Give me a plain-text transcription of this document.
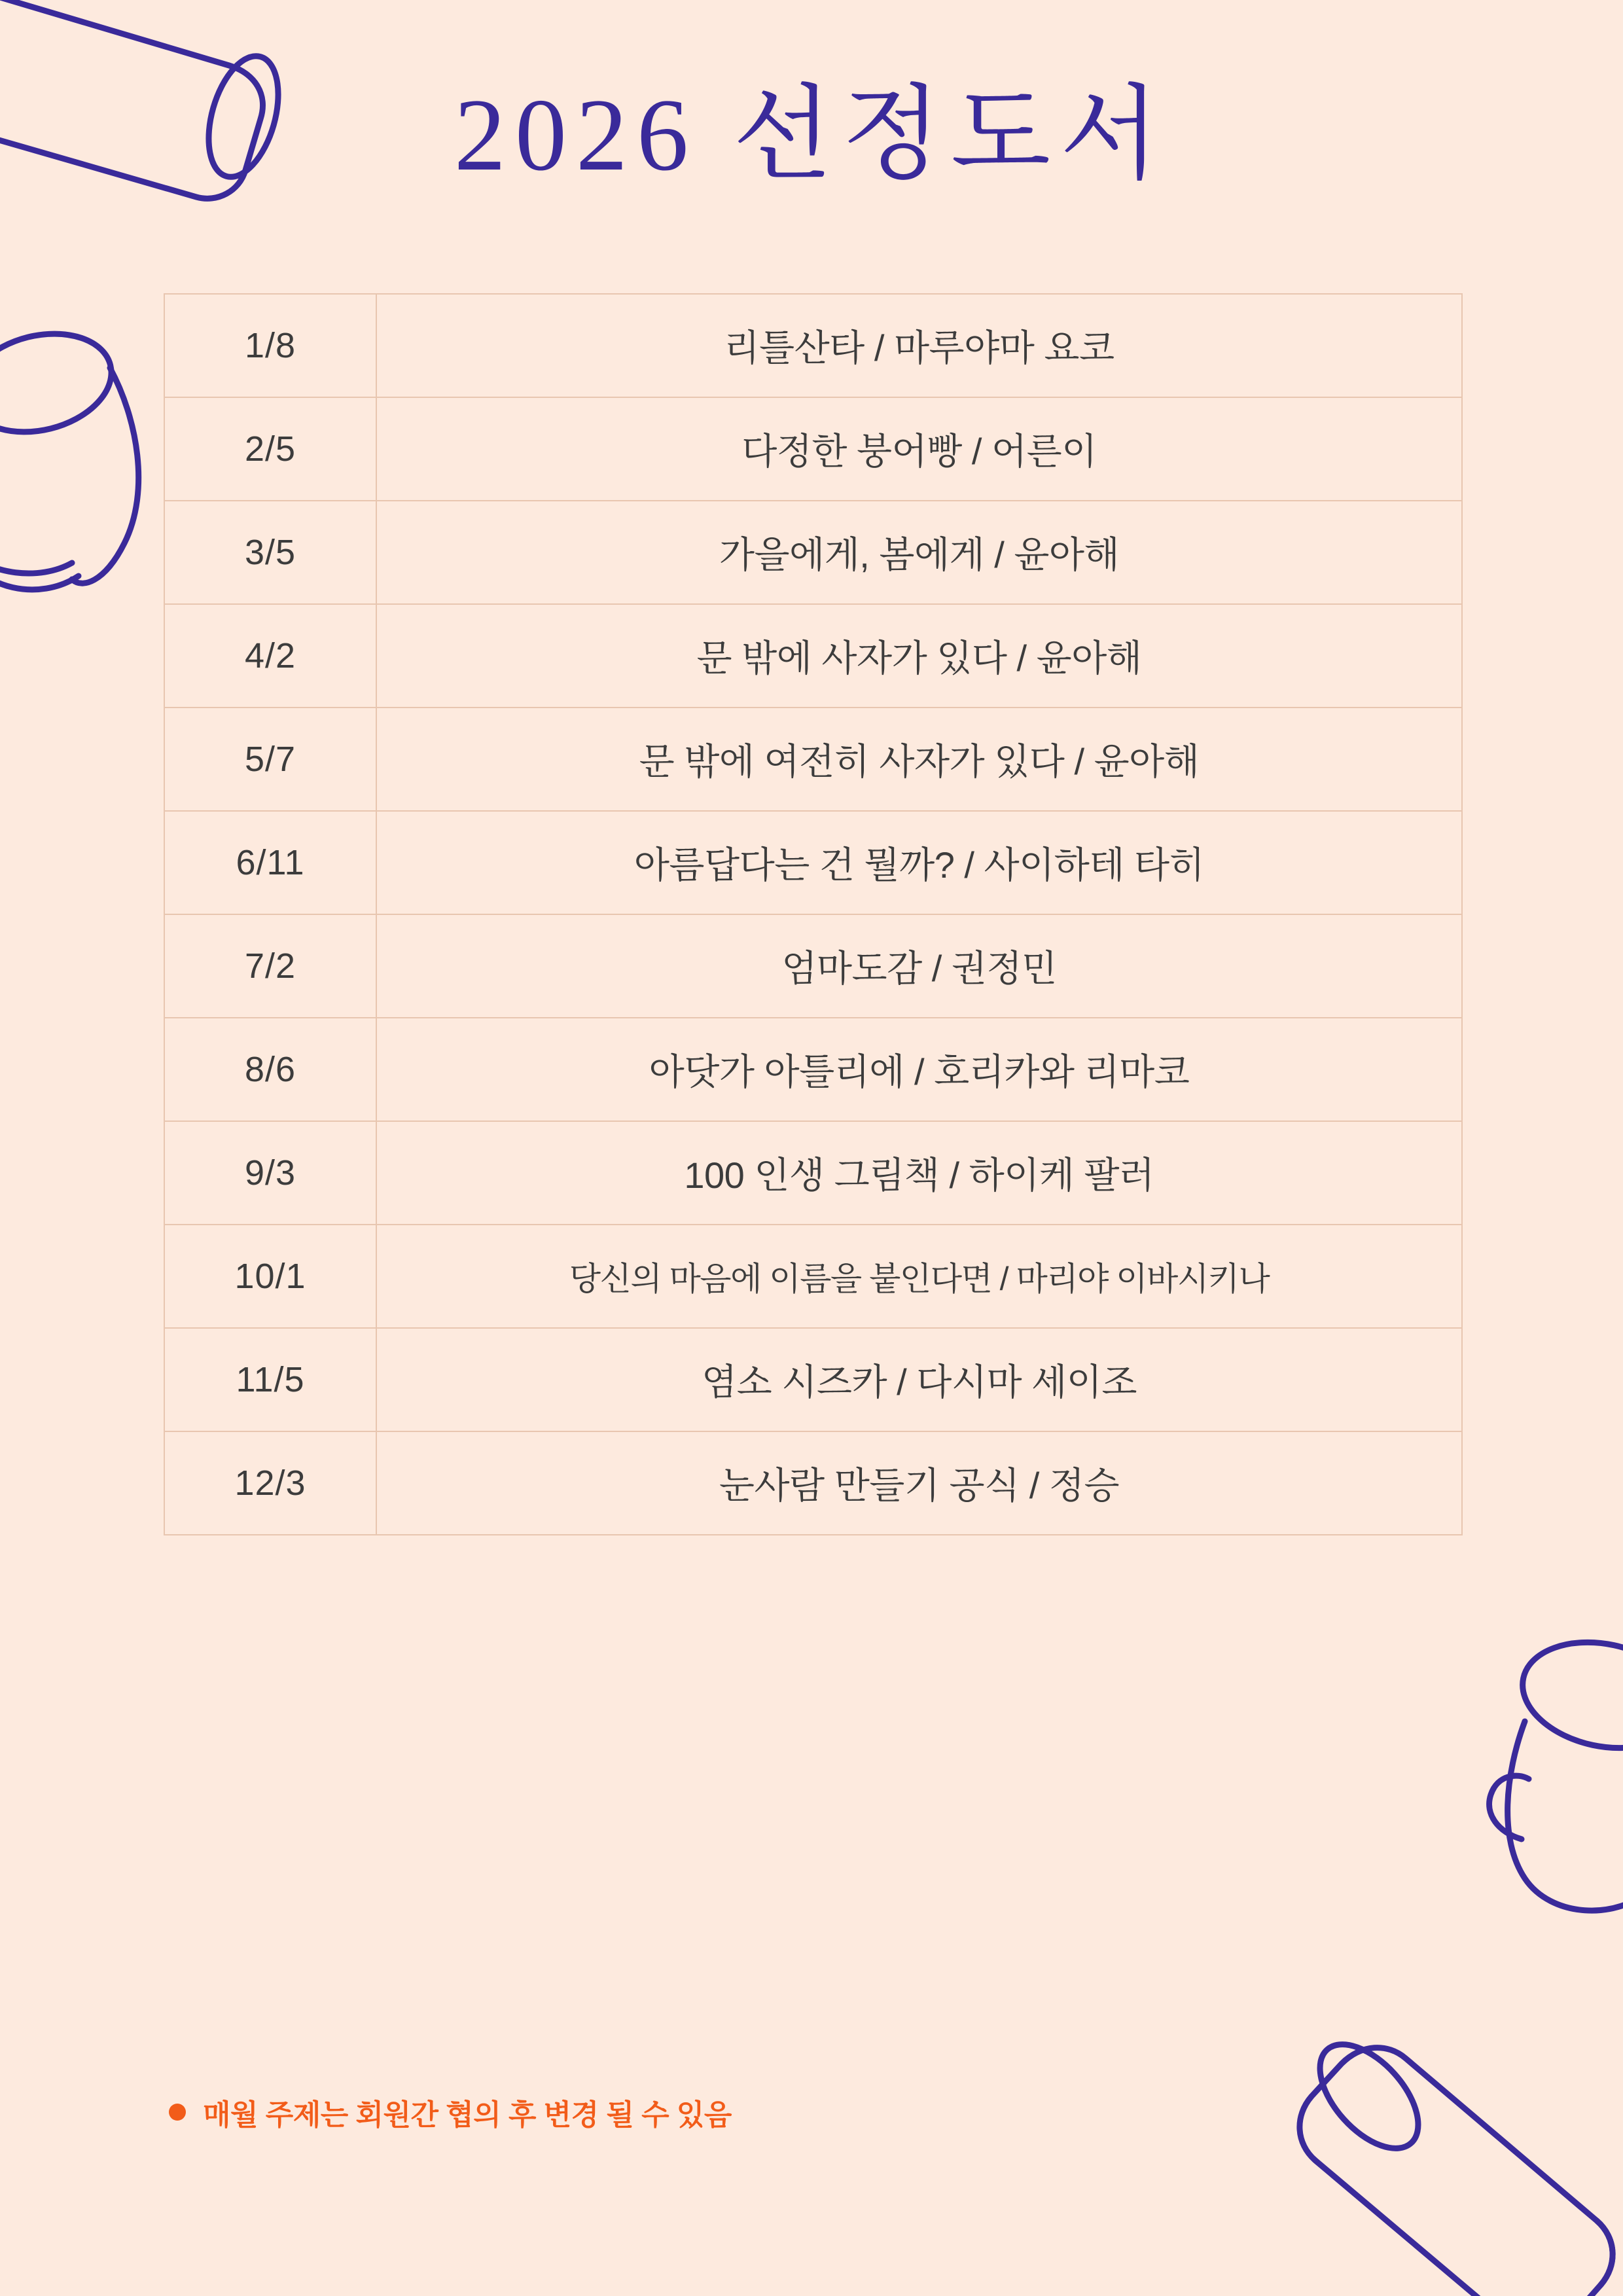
2026 선정도서
1/8	리틀산타 / 마루야마 요코
2/5	다정한 붕어빵 / 어른이
3/5	가을에게, 봄에게 / 윤아해
4/2	문 밖에 사자가 있다 / 윤아해
5/7	문 밖에 여전히 사자가 있다 / 윤아해
6/11	아름답다는 건 뭘까? / 사이하테 타히
7/2	엄마도감 / 권정민
8/6	아닷가 아틀리에 / 호리카와 리마코
9/3	100 인생 그림책 / 하이케 팔러
10/1	당신의 마음에 이름을 붙인다면 / 마리야 이바시키나
11/5	염소 시즈카 / 다시마 세이조
12/3	눈사람 만들기 공식 / 정승
매월 주제는 회원간 협의 후 변경 될 수 있음
